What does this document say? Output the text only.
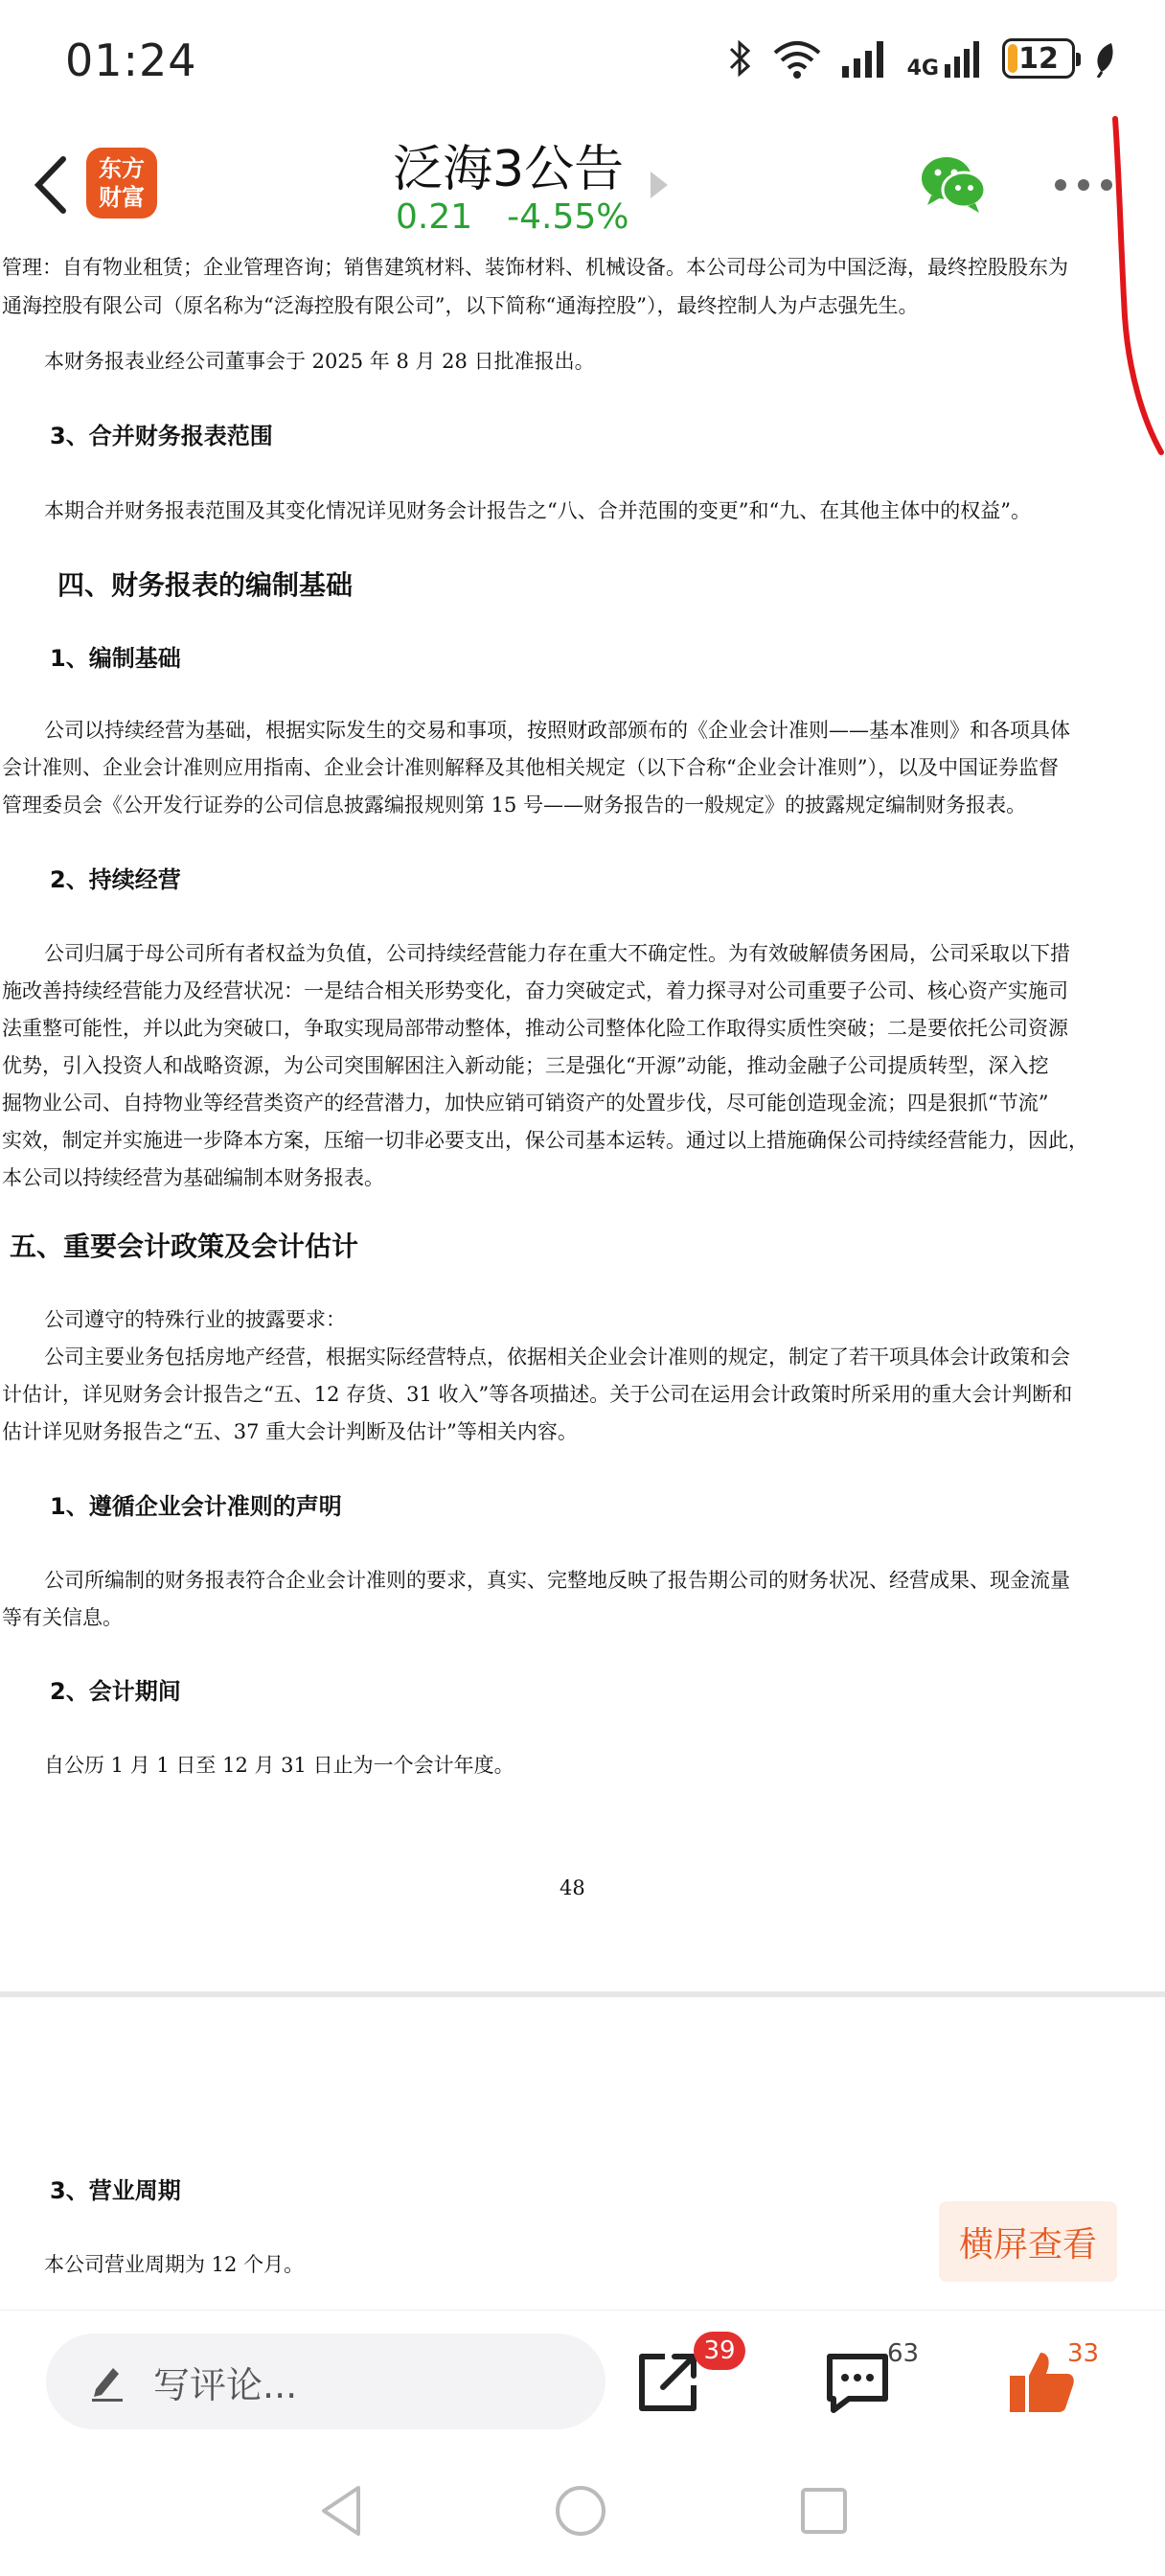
01:24	4G	12
东方
财富	泛海3公告
0.21 -4.55%

管理：自有物业租赁；企业管理咨询；销售建筑材料、装饰材料、机械设备。本公司母公司为中国泛海，最终控股股东为

通海控股有限公司（原名称为“泛海控股有限公司”，以下简称“通海控股”），最终控制人为卢志强先生。

本财务报表业经公司董事会于 2025 年 8 月 28 日批准报出。

3、合并财务报表范围

本期合并财务报表范围及其变化情况详见财务会计报告之“八、合并范围的变更”和“九、在其他主体中的权益”。

四、财务报表的编制基础

1、编制基础

公司以持续经营为基础，根据实际发生的交易和事项，按照财政部颁布的《企业会计准则——基本准则》和各项具体

会计准则、企业会计准则应用指南、企业会计准则解释及其他相关规定（以下合称“企业会计准则”），以及中国证券监督

管理委员会《公开发行证券的公司信息披露编报规则第 15 号——财务报告的一般规定》的披露规定编制财务报表。

2、持续经营

公司归属于母公司所有者权益为负值，公司持续经营能力存在重大不确定性。为有效破解债务困局，公司采取以下措

施改善持续经营能力及经营状况：一是结合相关形势变化，奋力突破定式，着力探寻对公司重要子公司、核心资产实施司

法重整可能性，并以此为突破口，争取实现局部带动整体，推动公司整体化险工作取得实质性突破；二是要依托公司资源

优势，引入投资人和战略资源，为公司突围解困注入新动能；三是强化“开源”动能，推动金融子公司提质转型，深入挖

掘物业公司、自持物业等经营类资产的经营潜力，加快应销可销资产的处置步伐，尽可能创造现金流；四是狠抓“节流”

实效，制定并实施进一步降本方案，压缩一切非必要支出，保公司基本运转。通过以上措施确保公司持续经营能力，因此，

本公司以持续经营为基础编制本财务报表。

五、重要会计政策及会计估计

公司遵守的特殊行业的披露要求：

公司主要业务包括房地产经营，根据实际经营特点，依据相关企业会计准则的规定，制定了若干项具体会计政策和会

计估计，详见财务会计报告之“五、12 存货、31 收入”等各项描述。关于公司在运用会计政策时所采用的重大会计判断和

估计详见财务报告之“五、37 重大会计判断及估计”等相关内容。

1、遵循企业会计准则的声明

公司所编制的财务报表符合企业会计准则的要求，真实、完整地反映了报告期公司的财务状况、经营成果、现金流量

等有关信息。

2、会计期间

自公历 1 月 1 日至 12 月 31 日止为一个会计年度。

48

3、营业周期

本公司营业周期为 12 个月。

横屏查看
写评论...
39	63	33
